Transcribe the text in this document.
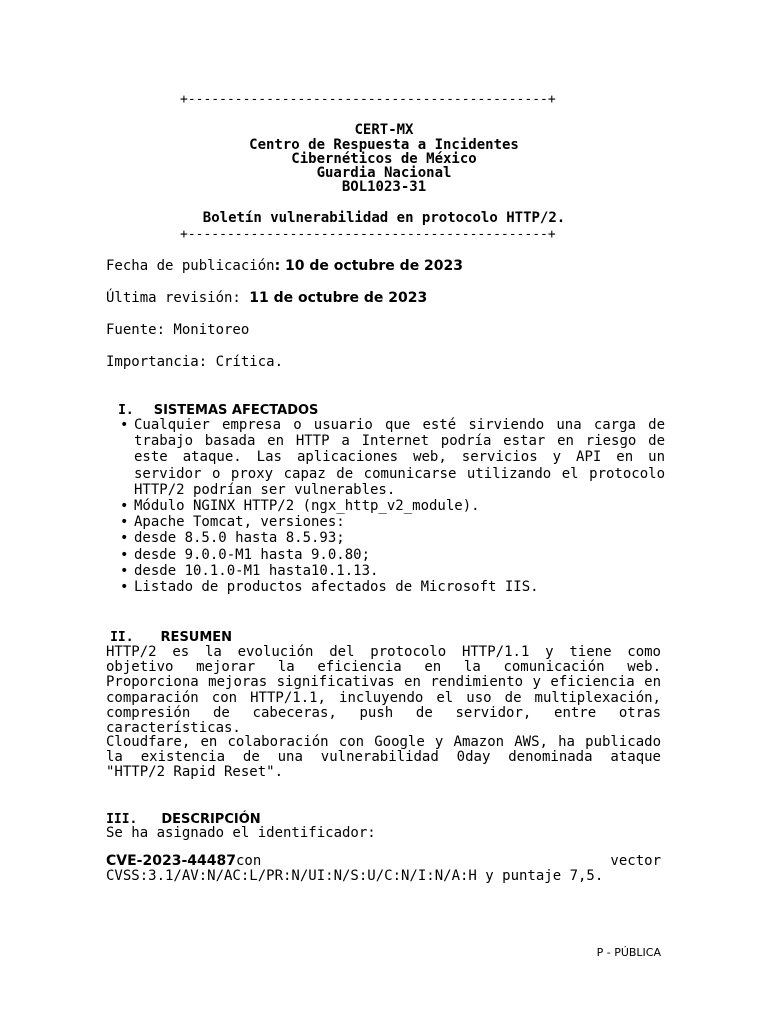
+----------------------------------------------+
CERT-MX
Centro de Respuesta a Incidentes
Cibernéticos de México
Guardia Nacional
BOL1023-31
Boletín vulnerabilidad en protocolo HTTP/2.
+----------------------------------------------+
Fecha de publicación: 10 de octubre de 2023
Última revisión: 11 de octubre de 2023
Fuente: Monitoreo
Importancia: Crítica.

I. SISTEMAS AFECTADOS

• Cualquier empresa o usuario que esté sirviendo una carga de trabajo basada en HTTP a Internet podría estar en riesgo de este ataque. Las aplicaciones web, servicios y API en un servidor o proxy capaz de comunicarse utilizando el protocolo HTTP/2 podrían ser vulnerables.
• Módulo NGINX HTTP/2 (ngx_http_v2_module).
• Apache Tomcat, versiones:
• desde 8.5.0 hasta 8.5.93;
• desde 9.0.0-M1 hasta 9.0.80;
• desde 10.1.0-M1 hasta10.1.13.
• Listado de productos afectados de Microsoft IIS.

II. RESUMEN

HTTP/2 es la evolución del protocolo HTTP/1.1 y tiene como objetivo mejorar la eficiencia en la comunicación web. Proporciona mejoras significativas en rendimiento y eficiencia en comparación con HTTP/1.1, incluyendo el uso de multiplexación, compresión de cabeceras, push de servidor, entre otras características.
Cloudfare, en colaboración con Google y Amazon AWS, ha publicado la existencia de una vulnerabilidad 0day denominada ataque "HTTP/2 Rapid Reset".

III. DESCRIPCIÓN

Se ha asignado el identificador:
CVE-2023-44487con	vector
CVSS:3.1/AV:N/AC:L/PR:N/UI:N/S:U/C:N/I:N/A:H y puntaje 7,5.
P - PÚBLICA
